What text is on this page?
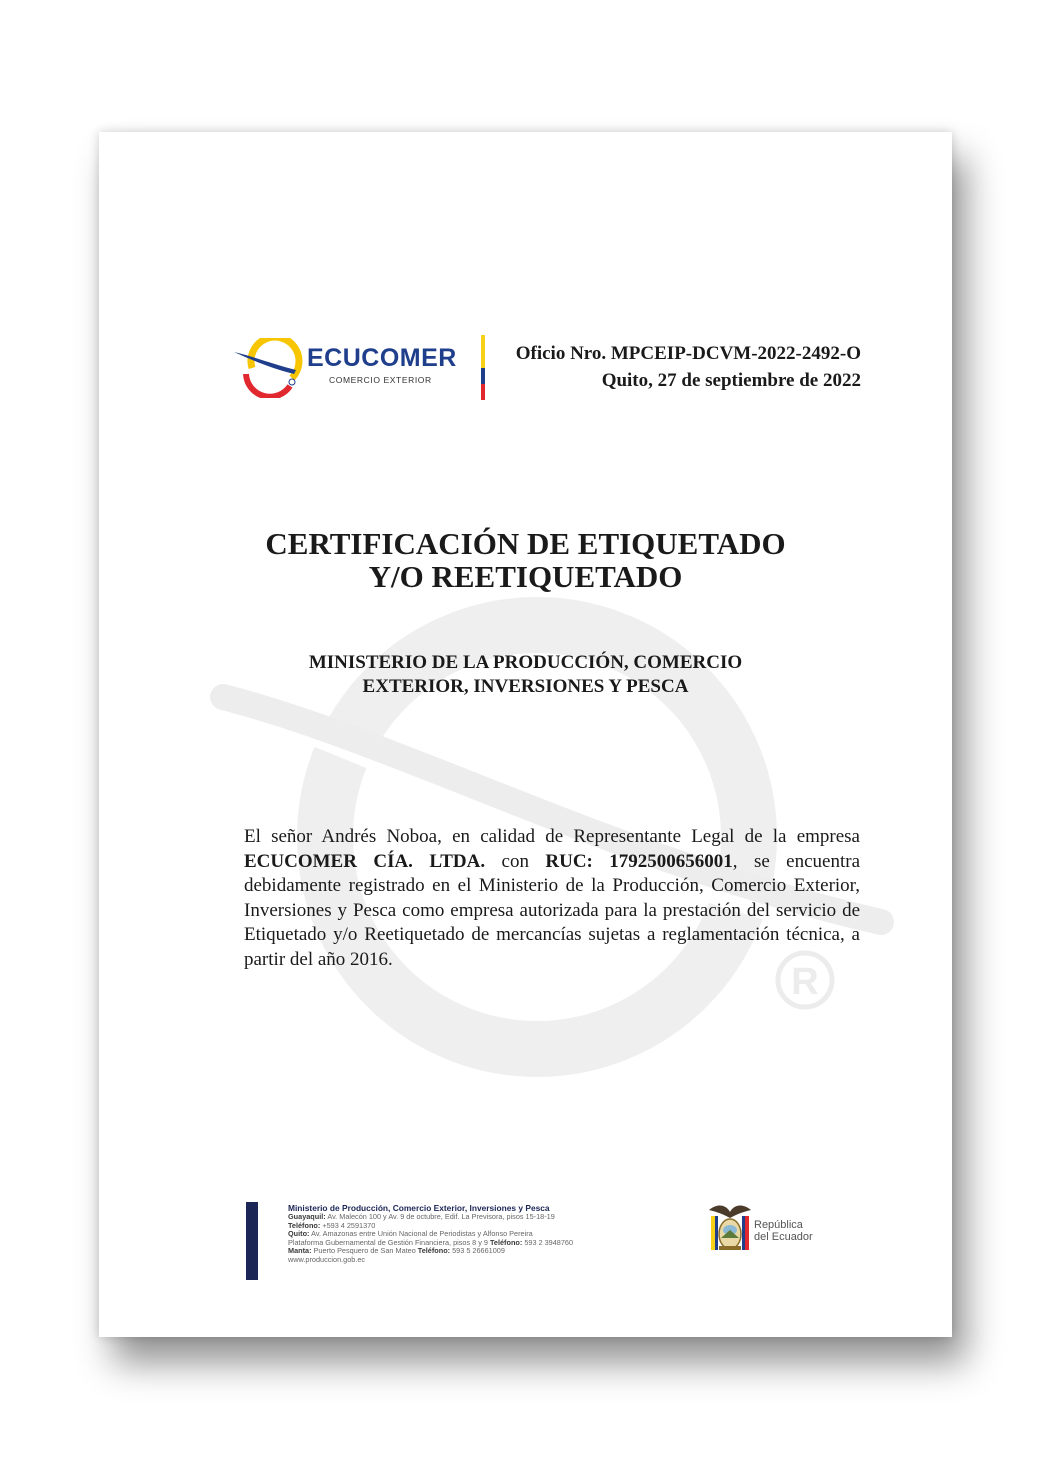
R

ECUCOMER

COMERCIO EXTERIOR

Oficio Nro. MPCEIP-DCVM-2022-2492-O
Quito, 27 de septiembre de 2022
CERTIFICACIÓN DE ETIQUETADO
Y/O REETIQUETADO
MINISTERIO DE LA PRODUCCIÓN, COMERCIO
EXTERIOR, INVERSIONES Y PESCA

El señor Andrés Noboa, en calidad de Representante Legal de la empresa ECUCOMER CÍA. LTDA. con RUC: 1792500656001, se encuentra debidamente registrado en el Ministerio de la Producción, Comercio Exterior, Inversiones y Pesca como empresa autorizada para la prestación del servicio de Etiquetado y/o Reetiquetado de mercancías sujetas a reglamentación técnica, a partir del año 2016.

Ministerio de Producción, Comercio Exterior, Inversiones y Pesca
Guayaquil: Av. Malecón 100 y Av. 9 de octubre, Edif. La Previsora, pisos 15-18-19
Teléfono: +593 4 2591370
Quito: Av. Amazonas entre Unión Nacional de Periodistas y Alfonso Pereira
Plataforma Gubernamental de Gestión Financiera, pisos 8 y 9 Teléfono: 593 2 3948760
Manta: Puerto Pesquero de San Mateo Teléfono: 593 5 26661009
www.produccion.gob.ec
República
del Ecuador
